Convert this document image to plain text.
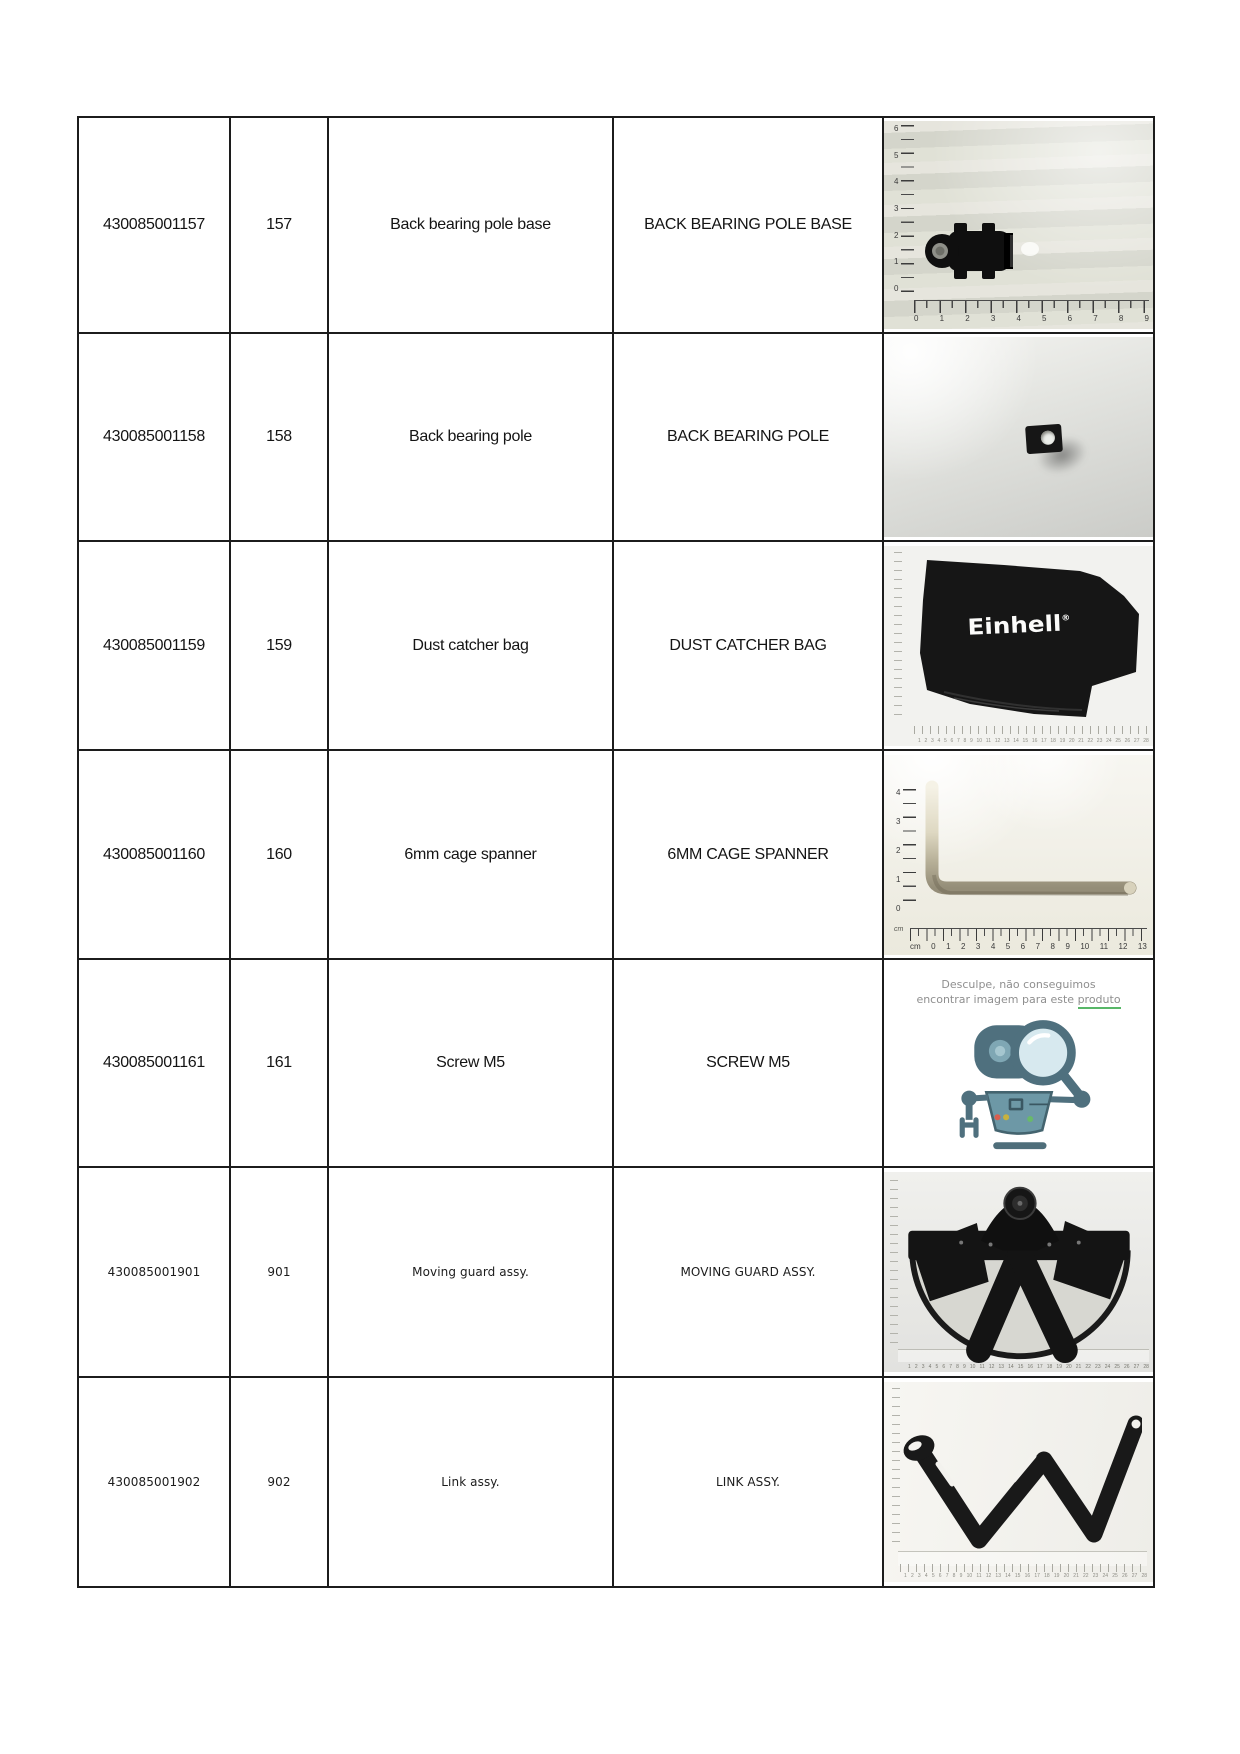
430085001157	157	Back bearing pole base	BACK BEARING POLE BASE	
6
5
4
3
2
1
0
0	1	2	3	4	5	6	7	8	9

430085001158	158	Back bearing pole	BACK BEARING POLE	

430085001159	159	Dust catcher bag	DUST CATCHER BAG	
Einhell®
1 2 3 4 5 6 7 8 9 10 11 12 13 14 15 16 17 18 19 20 21 22 23 24 25 26 27 28

430085001160	160	6mm cage spanner	6MM CAGE SPANNER	
4
3
2
1
0
cm
cm 0 1 2 3 4 5 6 7 8 9 10 11 12 13

430085001161	161	Screw M5	SCREW M5	Desculpe, não conseguimos
encontrar imagem para este produto

430085001901	901	Moving guard assy.	MOVING GUARD ASSY.	
1 2 3 4 5 6 7 8 9 10 11 12 13 14 15 16 17 18 19 20 21 22 23 24 25 26 27 28

430085001902	902	Link assy.	LINK ASSY.	
1 2 3 4 5 6 7 8 9 10 11 12 13 14 15 16 17 18 19 20 21 22 23 24 25 26 27 28
